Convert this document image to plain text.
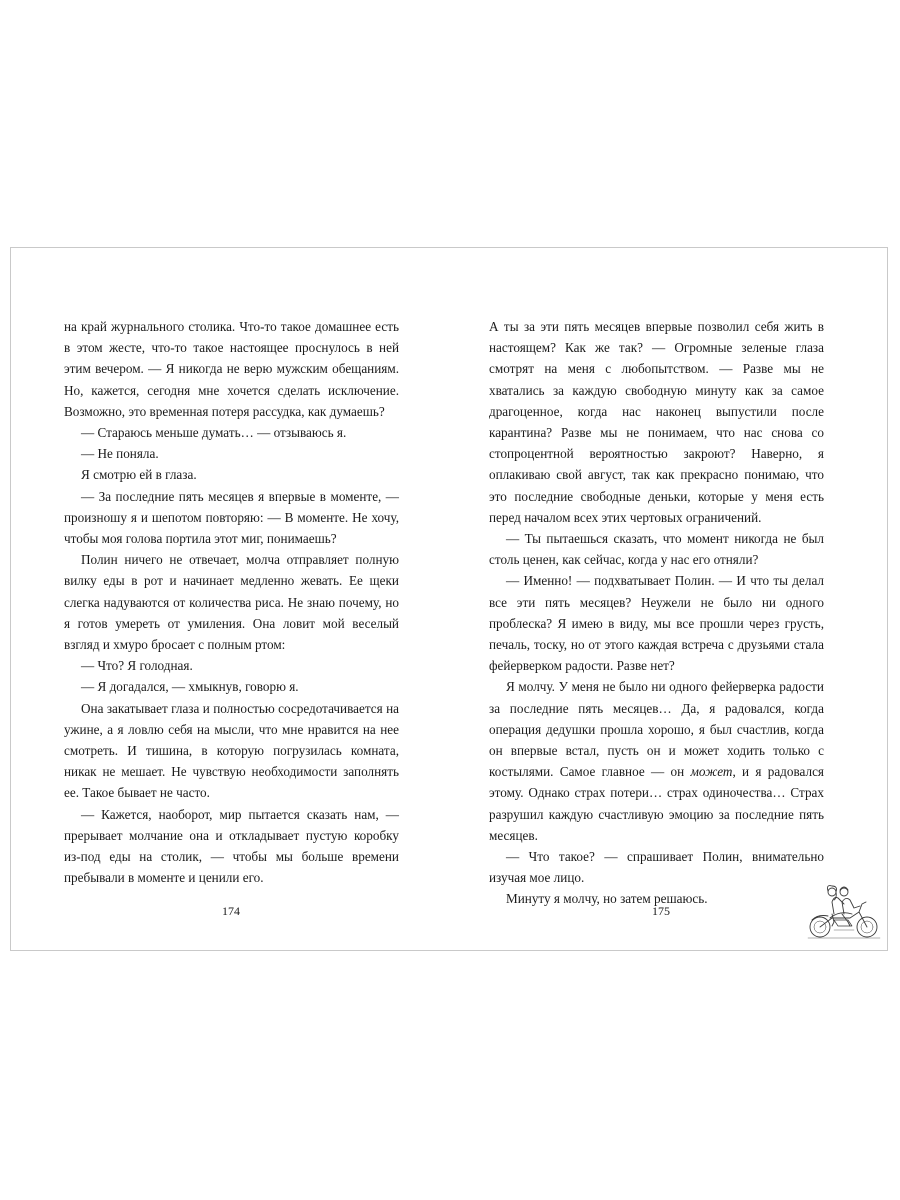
на край журнального столика. Что-то такое домашнее есть в этом жесте, что-то такое настоящее проснулось в ней этим вечером. — Я никогда не верю мужским обещаниям. Но, кажется, сегодня мне хочется сделать исключение. Возможно, это временная потеря рассудка, как думаешь?

— Стараюсь меньше думать… — отзываюсь я.

— Не поняла.

Я смотрю ей в глаза.

— За последние пять месяцев я впервые в моменте, — произношу я и шепотом повторяю: — В моменте. Не хочу, чтобы моя голова портила этот миг, понимаешь?

Полин ничего не отвечает, молча отправляет полную вилку еды в рот и начинает медленно жевать. Ее щеки слегка надуваются от количества риса. Не знаю почему, но я готов умереть от умиления. Она ловит мой веселый взгляд и хмуро бросает с полным ртом:

— Что? Я голодная.

— Я догадался, — хмыкнув, говорю я.

Она закатывает глаза и полностью сосредотачивается на ужине, а я ловлю себя на мысли, что мне нравится на нее смотреть. И тишина, в которую погрузилась комната, никак не мешает. Не чувствую необходимости заполнять ее. Такое бывает не часто.

— Кажется, наоборот, мир пытается сказать нам, — прерывает молчание она и откладывает пустую коробку из-под еды на столик, — чтобы мы больше времени пребывали в моменте и ценили его.

А ты за эти пять месяцев впервые позволил себя жить в настоящем? Как же так? — Огромные зеленые глаза смотрят на меня с любопытством. — Разве мы не хватались за каждую свободную минуту как за самое драгоценное, когда нас наконец выпустили после карантина? Разве мы не понимаем, что нас снова со стопроцентной вероятностью закроют? Наверно, я оплакиваю свой август, так как прекрасно понимаю, что это последние свободные деньки, которые у меня есть перед началом всех этих чертовых ограничений.

— Ты пытаешься сказать, что момент никогда не был столь ценен, как сейчас, когда у нас его отняли?

— Именно! — подхватывает Полин. — И что ты делал все эти пять месяцев? Неужели не было ни одного проблеска? Я имею в виду, мы все прошли через грусть, печаль, тоску, но от этого каждая встреча с друзьями стала фейерверком радости. Разве нет?

Я молчу. У меня не было ни одного фейерверка радости за последние пять месяцев… Да, я радовался, когда операция дедушки прошла хорошо, я был счастлив, когда он впервые встал, пусть он и может ходить только с костылями. Самое главное — он может, и я радовался этому. Однако страх потери… страх одиночества… Страх разрушил каждую счастливую эмоцию за последние пять месяцев.

— Что такое? — спрашивает Полин, внимательно изучая мое лицо.

Минуту я молчу, но затем решаюсь.

174	175
